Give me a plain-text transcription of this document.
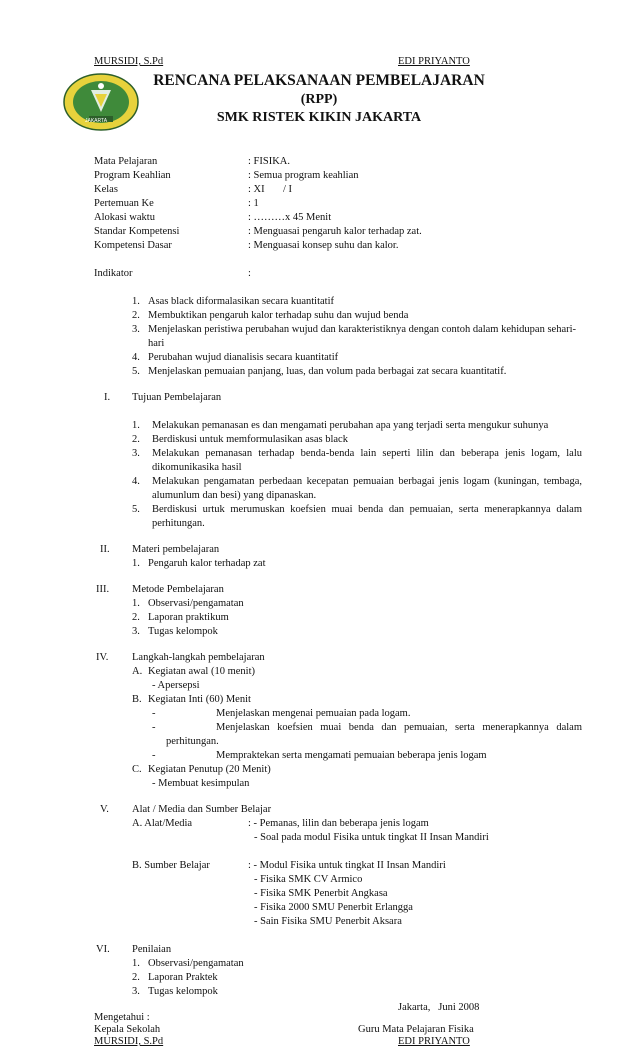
MURSIDI, S.Pd	EDI PRIYANTO
JAKARTA
RENCANA PELAKSANAAN PEMBELAJARAN
(RPP)
SMK RISTEK KIKIN JAKARTA
Mata Pelajaran	: FISIKA.
Program Keahlian	: Semua program keahlian
Kelas	: XI       / I
Pertemuan Ke	: 1
Alokasi waktu	: ………x 45 Menit
Standar Kompetensi	: Menguasai pengaruh kalor terhadap zat.
Kompetensi Dasar	: Menguasai konsep suhu dan kalor.
Indikator	:
1. Asas black diformalasikan secara kuantitatif
2. Membuktikan pengaruh kalor terhadap suhu dan wujud benda
3. Menjelaskan peristiwa perubahan wujud dan karakteristiknya dengan contoh dalam kehidupan sehari-
hari
4. Perubahan wujud dianalisis secara kuantitatif
5. Menjelaskan pemuaian panjang, luas, dan volum pada berbagai zat secara kuantitatif.
I. Tujuan Pembelajaran
1. Melakukan pemanasan es dan mengamati perubahan apa yang terjadi serta mengukur suhunya
2. Berdiskusi untuk memformulasikan asas black
3. Melakukan pemanasan terhadap benda-benda lain seperti lilin dan beberapa jenis logam, lalu
dikomunikasika hasil
4. Melakukan pengamatan perbedaan kecepatan pemuaian berbagai jenis logam (kuningan, tembaga,
alumunlum dan besi) yang dipanaskan.
5. Berdiskusi urtuk merumuskan koefsien muai benda dan pemuaian, serta menerapkannya dalam
perhitungan.
II. Materi pembelajaran
1. Pengaruh kalor terhadap zat
III. Metode Pembelajaran
1. Observasi/pengamatan
2. Laporan praktikum
3. Tugas kelompok
IV. Langkah-langkah pembelajaran
A. Kegiatan awal (10 menit)
- Apersepsi
B. Kegiatan Inti (60) Menit
-	Menjelaskan mengenai pemuaian pada logam.
-	Menjelaskan koefsien muai benda dan pemuaian, serta menerapkannya dalam
perhitungan.
-	Mempraktekan serta mengamati pemuaian beberapa jenis logam
C. Kegiatan Penutup (20 Menit)
- Membuat kesimpulan
V. Alat / Media dan Sumber Belajar
A. Alat/Media	: - Pemanas, lilin dan beberapa jenis logam
- Soal pada modul Fisika untuk tingkat II Insan Mandiri
B. Sumber Belajar	: - Modul Fisika untuk tingkat II Insan Mandiri
- Fisika SMK CV Armico
- Fisika SMK Penerbit Angkasa
- Fisika 2000 SMU Penerbit Erlangga
- Sain Fisika SMU Penerbit Aksara
VI. Penilaian
1. Observasi/pengamatan
2. Laporan Praktek
3. Tugas kelompok
Jakarta,   Juni 2008
Mengetahui :
Kepala Sekolah	Guru Mata Pelajaran Fisika
MURSIDI, S.Pd	EDI PRIYANTO
